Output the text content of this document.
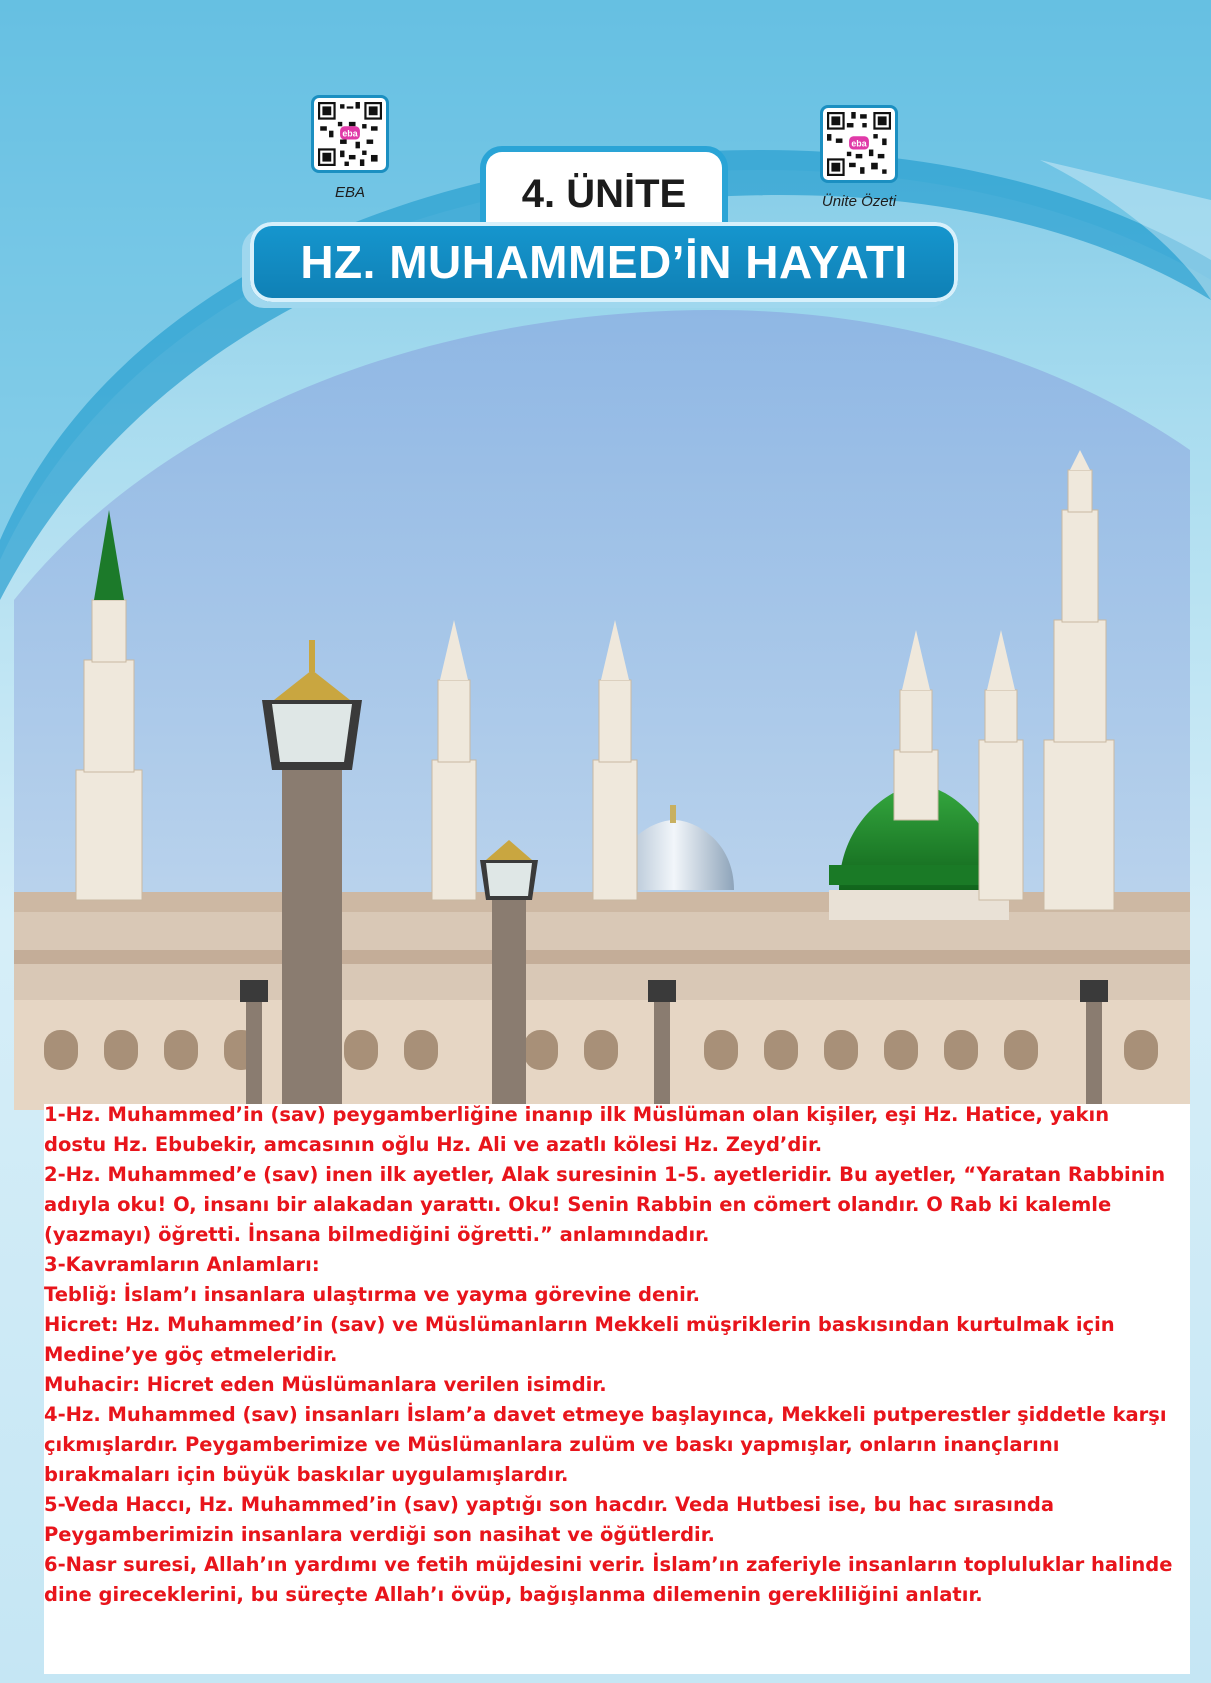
eba
EBA
eba
Ünite Özeti
4. ÜNİTE
HZ. MUHAMMED’İN HAYATI

1-Hz. Muhammed’in (sav) peygamberliğine inanıp ilk Müslüman olan kişiler, eşi Hz. Hatice, yakın

dostu Hz. Ebubekir, amcasının oğlu Hz. Ali ve azatlı kölesi Hz. Zeyd’dir.

2-Hz. Muhammed’e (sav) inen ilk ayetler, Alak suresinin 1-5. ayetleridir. Bu ayetler, “Yaratan Rabbinin

adıyla oku! O, insanı bir alakadan yarattı. Oku! Senin Rabbin en cömert olandır. O Rab ki kalemle

(yazmayı) öğretti. İnsana bilmediğini öğretti.” anlamındadır.

3-Kavramların Anlamları:

Tebliğ: İslam’ı insanlara ulaştırma ve yayma görevine denir.

Hicret: Hz. Muhammed’in (sav) ve Müslümanların Mekkeli müşriklerin baskısından kurtulmak için

Medine’ye göç etmeleridir.

Muhacir: Hicret eden Müslümanlara verilen isimdir.

4-Hz. Muhammed (sav) insanları İslam’a davet etmeye başlayınca, Mekkeli putperestler şiddetle karşı

çıkmışlardır. Peygamberimize ve Müslümanlara zulüm ve baskı yapmışlar, onların inançlarını

bırakmaları için büyük baskılar uygulamışlardır.

5-Veda Haccı, Hz. Muhammed’in (sav) yaptığı son hacdır. Veda Hutbesi ise, bu hac sırasında

Peygamberimizin insanlara verdiği son nasihat ve öğütlerdir.

6-Nasr suresi, Allah’ın yardımı ve fetih müjdesini verir. İslam’ın zaferiyle insanların topluluklar halinde

dine gireceklerini, bu süreçte Allah’ı övüp, bağışlanma dilemenin gerekliliğini anlatır.
